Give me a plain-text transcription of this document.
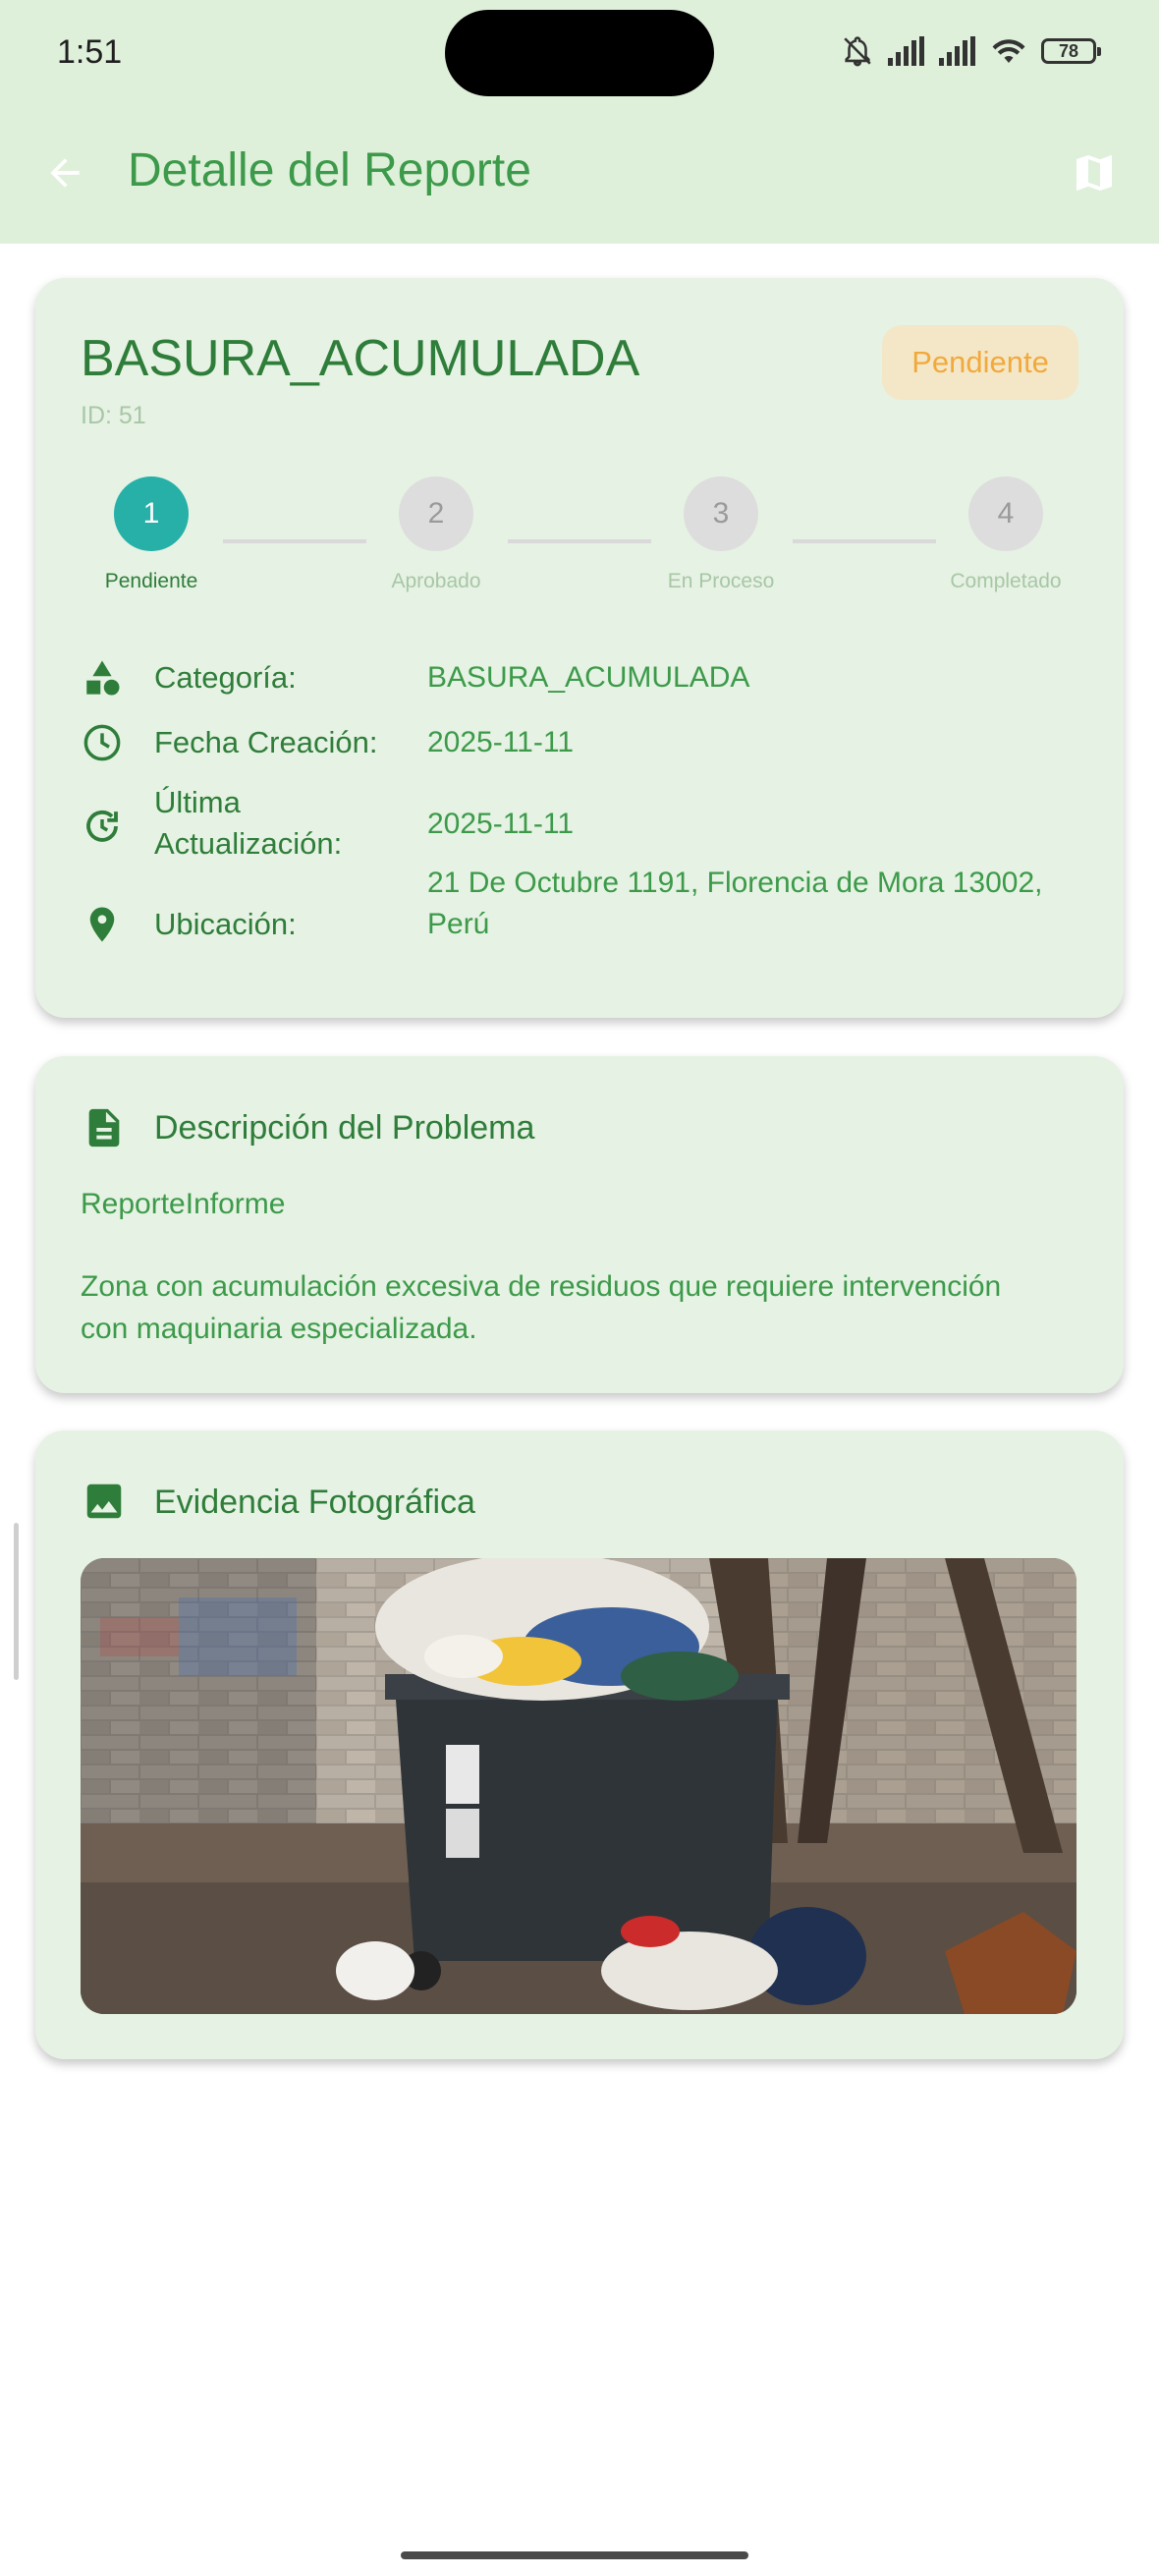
1:51	78
Detalle del Reporte
BASURA_ACUMULADA
ID: 51
Pendiente
1	2	3	4
Pendiente	Aprobado	En Proceso	Completado
Categoría:	BASURA_ACUMULADA
Fecha Creación: 2025-11-11
Última
Actualización:
2025-11-11
Ubicación:
21 De Octubre 1191, Florencia de Mora 13002,
Perú
Descripción del Problema
ReporteInforme
Zona con acumulación excesiva de residuos que requiere intervención
con maquinaria especializada.
Evidencia Fotográfica
